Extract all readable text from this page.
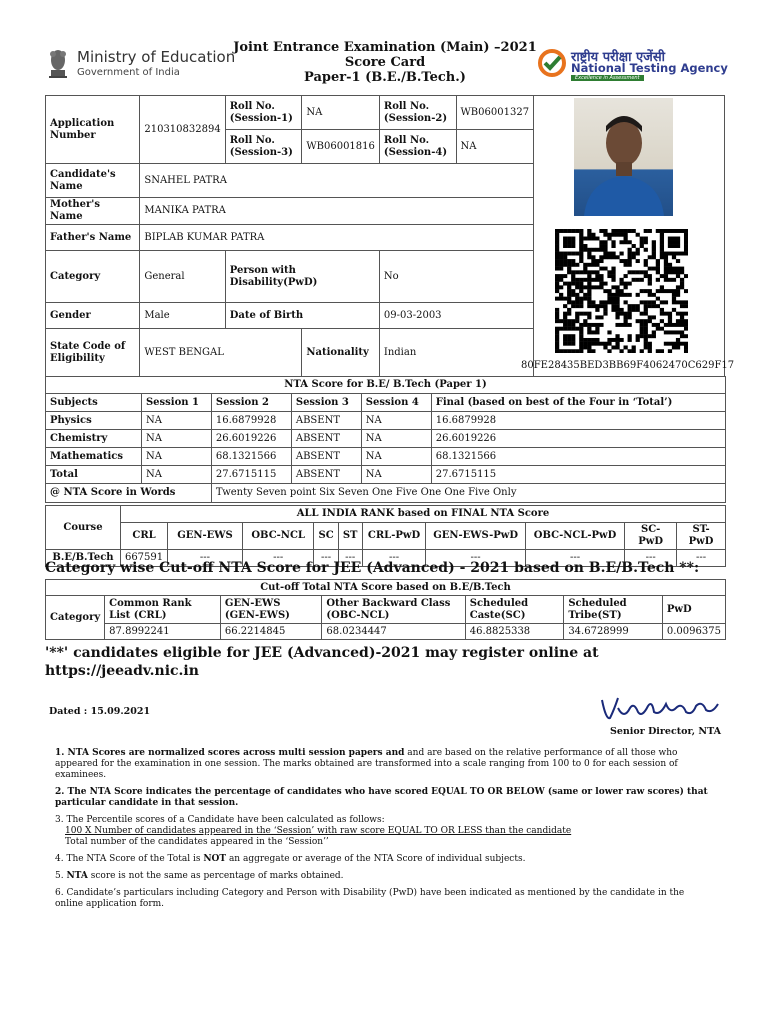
Ministry of Education
Government of India
Joint Entrance Examination (Main) –2021
Score Card
Paper-1 (B.E./B.Tech.)
राष्ट्रीय परीक्षा एजेंसी
National Testing Agency
Excellence in Assessment
Application Number	210310832894	Roll No. (Session-1)	NA	Roll No. (Session-2)	WB06001327	
		Roll No. (Session-3)	WB06001816	Roll No. (Session-4)	NA	
Candidate's Name	SNAHEL PATRA					
Mother's Name	MANIKA PATRA					
Father's Name	BIPLAB KUMAR PATRA					
Category	General	Person with Disability(PwD)		No		
Gender	Male	Date of Birth		09-03-2003		
State Code of Eligibility	WEST BENGAL		Nationality	Indian		
80FE28435BED3BB69F4062470C629F17
NTA Score for B.E/ B.Tech (Paper 1)					
Subjects	Session 1	Session 2	Session 3	Session 4	Final (based on best of the Four in ‘Total’)
Physics	NA	16.6879928	ABSENT	NA	16.6879928
Chemistry	NA	26.6019226	ABSENT	NA	26.6019226
Mathematics	NA	68.1321566	ABSENT	NA	68.1321566
Total	NA	27.6715115	ABSENT	NA	27.6715115
@ NTA Score in Words		Twenty Seven point Six Seven One Five One One Five Only			
Course	ALL INDIA RANK based on FINAL NTA Score									
	CRL	GEN-EWS	OBC-NCL	SC	ST	CRL-PwD	GEN-EWS-PwD	OBC-NCL-PwD	SC-PwD	ST-PwD
B.E/B.Tech	667591	---	---	---	---	---	---	---	---	---
Category wise Cut-off NTA Score for JEE (Advanced) - 2021 based on B.E/B.Tech **:
Cut-off Total NTA Score based on B.E/B.Tech						
Category	Common Rank List (CRL)	GEN-EWS (GEN-EWS)	Other Backward Class (OBC-NCL)	Scheduled Caste(SC)	Scheduled Tribe(ST)	PwD
	87.8992241	66.2214845	68.0234447	46.8825338	34.6728999	0.0096375
'**' candidates eligible for JEE (Advanced)-2021 may register online at https://jeeadv.nic.in
Dated : 15.09.2021
Senior Director, NTA

1. NTA Scores are normalized scores across multi session papers and and are based on the relative performance of all those who appeared for the examination in one session. The marks obtained are transformed into a scale ranging from 100 to 0 for each session of examinees.

2. The NTA Score indicates the percentage of candidates who have scored EQUAL TO OR BELOW (same or lower raw scores) that particular candidate in that session.

3. The Percentile scores of a Candidate have been calculated as follows:
100 X Number of candidates appeared in the ‘Session’ with raw score EQUAL TO OR LESS than the candidate
Total number of the candidates appeared in the ‘Session’’

4. The NTA Score of the Total is NOT an aggregate or average of the NTA Score of individual subjects.

5. NTA score is not the same as percentage of marks obtained.

6. Candidate’s particulars including Category and Person with Disability (PwD) have been indicated as mentioned by the candidate in the online application form.
